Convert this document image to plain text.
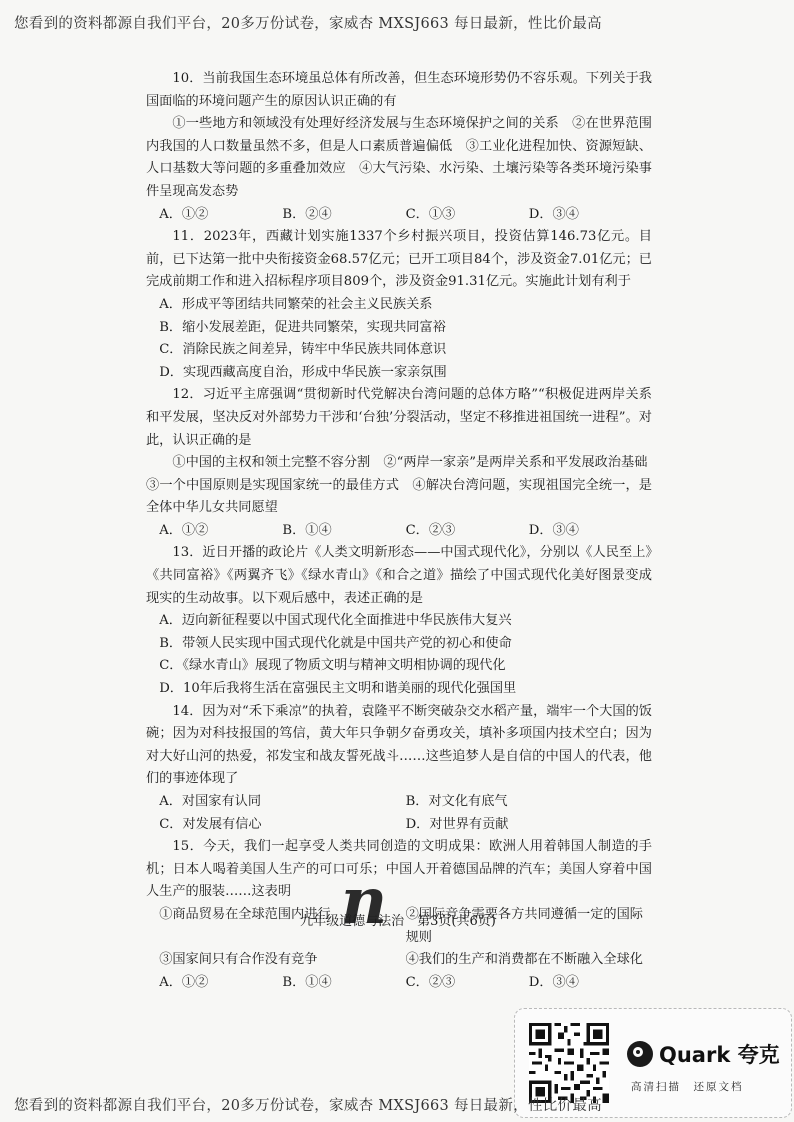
您看到的资料都源自我们平台，20多万份试卷，家威杏 MXSJ663 每日最新，性比价最高

10．当前我国生态环境虽总体有所改善，但生态环境形势仍不容乐观。下列关于我国面临的环境问题产生的原因认识正确的有

①一些地方和领域没有处理好经济发展与生态环境保护之间的关系　②在世界范围内我国的人口数量虽然不多，但是人口素质普遍偏低　③工业化进程加快、资源短缺、人口基数大等问题的多重叠加效应　④大气污染、水污染、土壤污染等各类环境污染事件呈现高发态势

A．①②	B．②④	C．①③	D．③④

11．2023年，西藏计划实施1337个乡村振兴项目，投资估算146.73亿元。目前，已下达第一批中央衔接资金68.57亿元；已开工项目84个，涉及资金7.01亿元；已完成前期工作和进入招标程序项目809个，涉及资金91.31亿元。实施此计划有利于

A．形成平等团结共同繁荣的社会主义民族关系
B．缩小发展差距，促进共同繁荣，实现共同富裕
C．消除民族之间差异，铸牢中华民族共同体意识
D．实现西藏高度自治，形成中华民族一家亲氛围

12．习近平主席强调“贯彻新时代党解决台湾问题的总体方略”“积极促进两岸关系和平发展，坚决反对外部势力干涉和‘台独’分裂活动，坚定不移推进祖国统一进程”。对此，认识正确的是

①中国的主权和领土完整不容分割　②“两岸一家亲”是两岸关系和平发展政治基础

③一个中国原则是实现国家统一的最佳方式　④解决台湾问题，实现祖国完全统一，是全体中华儿女共同愿望

A．①②	B．①④	C．②③	D．③④

13．近日开播的政论片《人类文明新形态——中国式现代化》，分别以《人民至上》《共同富裕》《两翼齐飞》《绿水青山》《和合之道》描绘了中国式现代化美好图景变成现实的生动故事。以下观后感中，表述正确的是

A．迈向新征程要以中国式现代化全面推进中华民族伟大复兴
B．带领人民实现中国式现代化就是中国共产党的初心和使命
C．《绿水青山》展现了物质文明与精神文明相协调的现代化
D．10年后我将生活在富强民主文明和谐美丽的现代化强国里

14．因为对“禾下乘凉”的执着，袁隆平不断突破杂交水稻产量，端牢一个大国的饭碗；因为对科技报国的笃信，黄大年只争朝夕奋勇攻关，填补多项国内技术空白；因为对大好山河的热爱，祁发宝和战友誓死战斗……这些追梦人是自信的中国人的代表，他们的事迹体现了

A．对国家有认同	B．对文化有底气
C．对发展有信心	D．对世界有贡献

15．今天，我们一起享受人类共同创造的文明成果：欧洲人用着韩国人制造的手机；日本人喝着美国人生产的可口可乐；中国人开着德国品牌的汽车；美国人穿着中国人生产的服装……这表明

①商品贸易在全球范围内进行	②国际竞争需要各方共同遵循一定的国际规则
③国家间只有合作没有竞争	④我们的生产和消费都在不断融入全球化
A．①②	B．①④	C．②③	D．③④
n
九年级道德与法治　第3页(共6页)
Quark 夸克
高清扫描　还原文档
您看到的资料都源自我们平台，20多万份试卷，家威杏 MXSJ663 每日最新，性比价最高
